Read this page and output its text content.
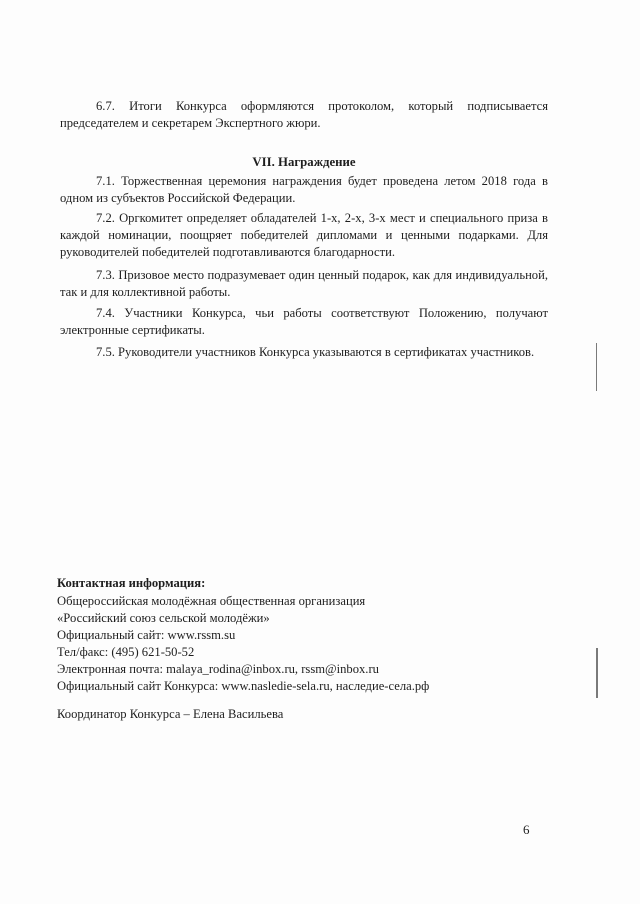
6.7. Итоги Конкурса оформляются протоколом, который подписывается председателем и секретарем Экспертного жюри.

VII. Награждение

7.1. Торжественная церемония награждения будет проведена летом 2018 года в одном из субъектов Российской Федерации.

7.2. Оргкомитет определяет обладателей 1-х, 2-х, 3-х мест и специального приза в каждой номинации, поощряет победителей дипломами и ценными подарками. Для руководителей победителей подготавливаются благодарности.

7.3. Призовое место подразумевает один ценный подарок, как для индивидуальной, так и для коллективной работы.

7.4. Участники Конкурса, чьи работы соответствуют Положению, получают электронные сертификаты.

7.5. Руководители участников Конкурса указываются в сертификатах участников.

Контактная информация:

Общероссийская молодёжная общественная организация

«Российский союз сельской молодёжи»

Официальный сайт: www.rssm.su

Тел/факс: (495) 621-50-52

Электронная почта: malaya_rodina@inbox.ru, rssm@inbox.ru

Официальный сайт Конкурса: www.nasledie-sela.ru, наследие-села.рф

Координатор Конкурса – Елена Васильева

6
